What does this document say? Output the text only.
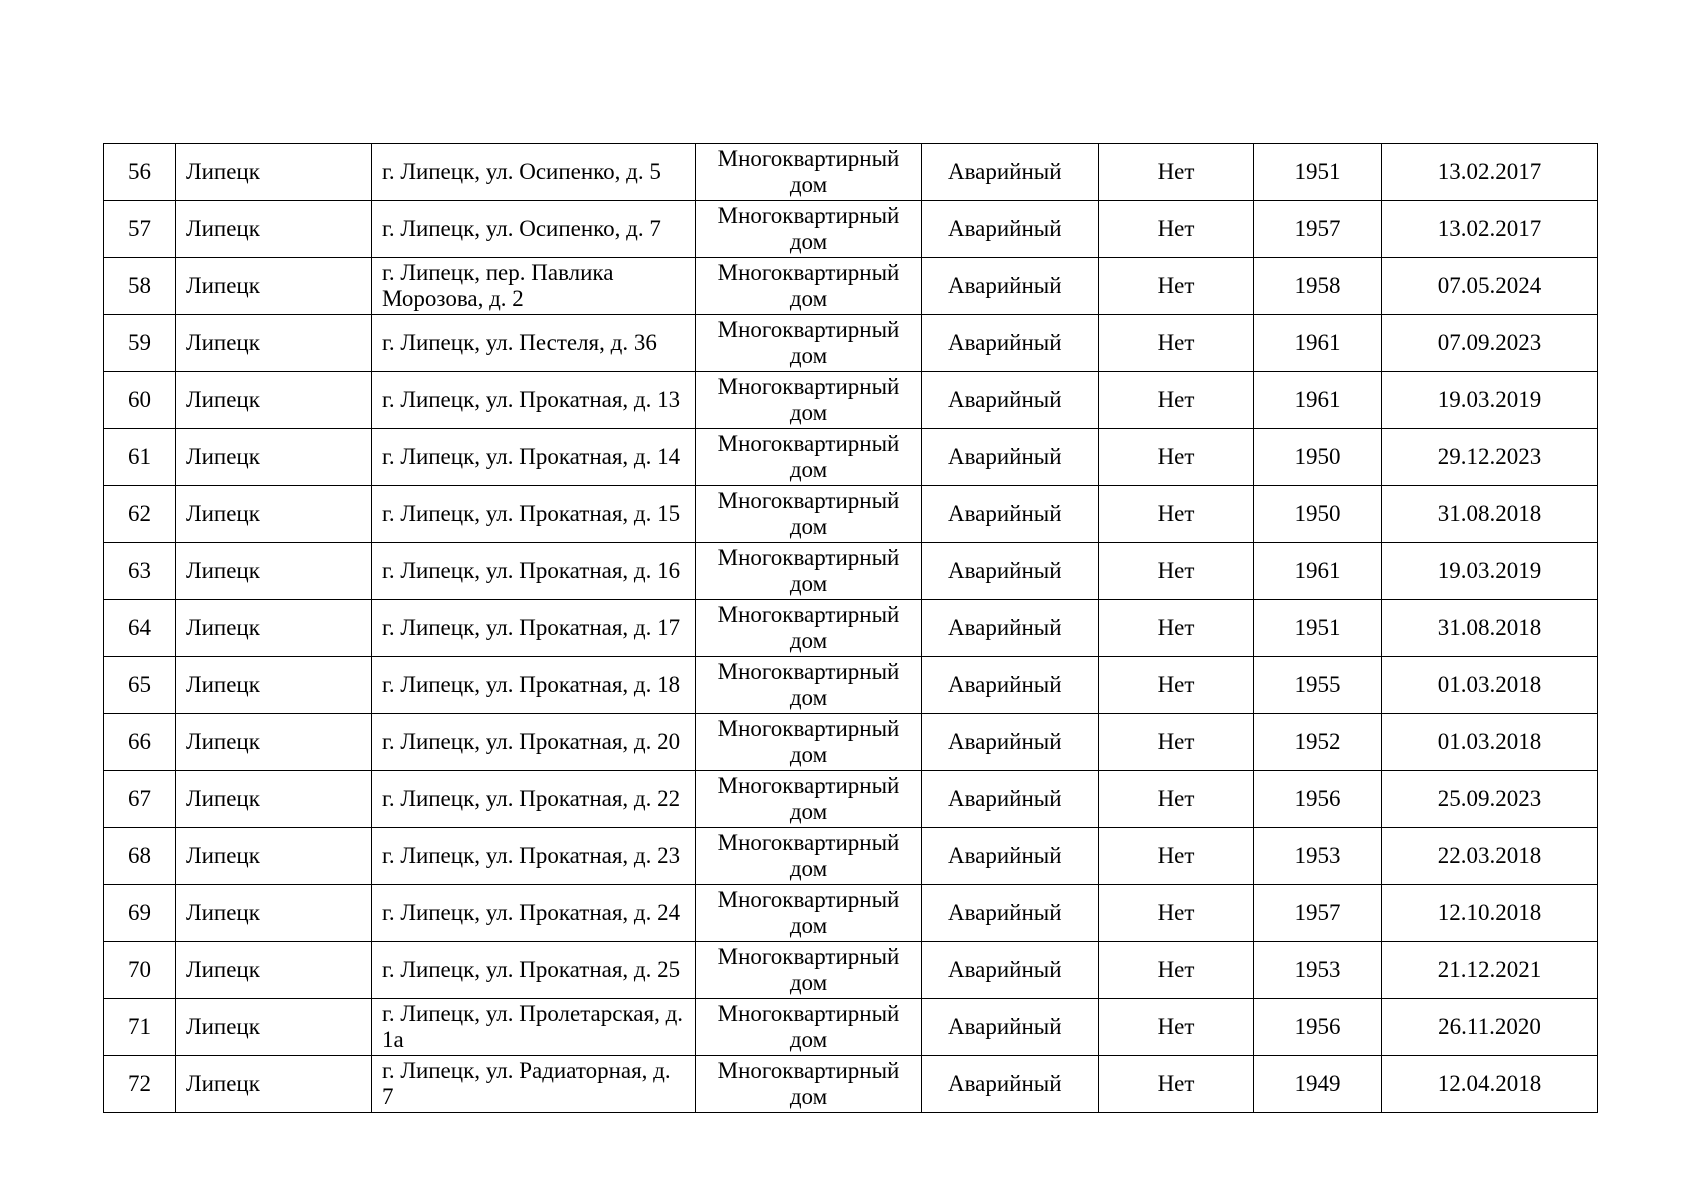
56	Липецк	г. Липецк, ул. Осипенко, д. 5	Многоквартирный дом	Аварийный	Нет	1951	13.02.2017
57	Липецк	г. Липецк, ул. Осипенко, д. 7	Многоквартирный дом	Аварийный	Нет	1957	13.02.2017
58	Липецк	г. Липецк, пер. Павлика Морозова, д. 2	Многоквартирный дом	Аварийный	Нет	1958	07.05.2024
59	Липецк	г. Липецк, ул. Пестеля, д. 36	Многоквартирный дом	Аварийный	Нет	1961	07.09.2023
60	Липецк	г. Липецк, ул. Прокатная, д. 13	Многоквартирный дом	Аварийный	Нет	1961	19.03.2019
61	Липецк	г. Липецк, ул. Прокатная, д. 14	Многоквартирный дом	Аварийный	Нет	1950	29.12.2023
62	Липецк	г. Липецк, ул. Прокатная, д. 15	Многоквартирный дом	Аварийный	Нет	1950	31.08.2018
63	Липецк	г. Липецк, ул. Прокатная, д. 16	Многоквартирный дом	Аварийный	Нет	1961	19.03.2019
64	Липецк	г. Липецк, ул. Прокатная, д. 17	Многоквартирный дом	Аварийный	Нет	1951	31.08.2018
65	Липецк	г. Липецк, ул. Прокатная, д. 18	Многоквартирный дом	Аварийный	Нет	1955	01.03.2018
66	Липецк	г. Липецк, ул. Прокатная, д. 20	Многоквартирный дом	Аварийный	Нет	1952	01.03.2018
67	Липецк	г. Липецк, ул. Прокатная, д. 22	Многоквартирный дом	Аварийный	Нет	1956	25.09.2023
68	Липецк	г. Липецк, ул. Прокатная, д. 23	Многоквартирный дом	Аварийный	Нет	1953	22.03.2018
69	Липецк	г. Липецк, ул. Прокатная, д. 24	Многоквартирный дом	Аварийный	Нет	1957	12.10.2018
70	Липецк	г. Липецк, ул. Прокатная, д. 25	Многоквартирный дом	Аварийный	Нет	1953	21.12.2021
71	Липецк	г. Липецк, ул. Пролетарская, д. 1а	Многоквартирный дом	Аварийный	Нет	1956	26.11.2020
72	Липецк	г. Липецк, ул. Радиаторная, д. 7	Многоквартирный дом	Аварийный	Нет	1949	12.04.2018
